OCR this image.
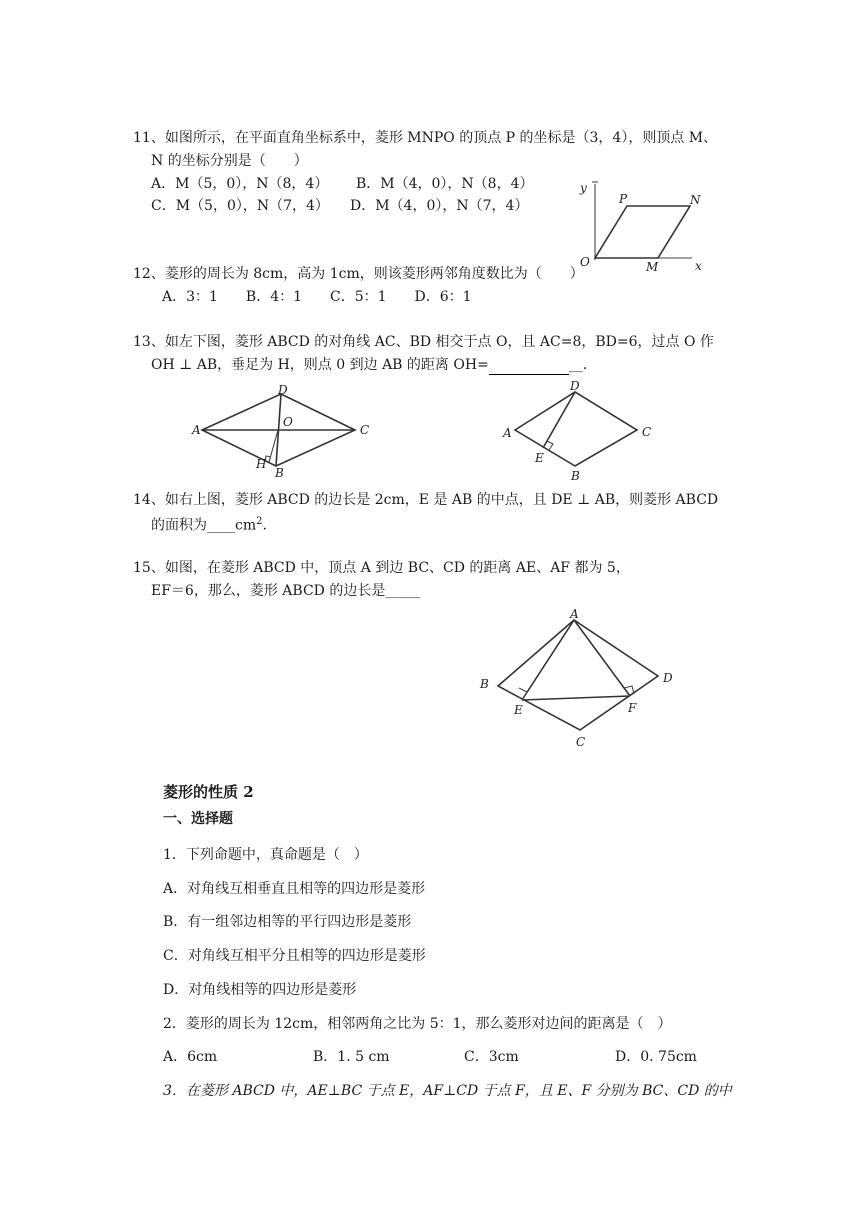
11、如图所示，在平面直角坐标系中，菱形 MNPO 的顶点 P 的坐标是（3，4），则顶点 M、
N 的坐标分别是（　　）
A．M（5，0），N（8，4） B．M（4，0），N（8，4）
C．M（5，0），N（7，4） D．M（4，0），N（7，4）
y
x
O
P	N
M
12、菱形的周长为 8cm，高为 1cm，则该菱形两邻角度数比为（　　）
A．3：1　　B．4：1　　C．5：1　　D．6：1
13、如左下图，菱形 ABCD 的对角线 AC、BD 相交于点 O，且 AC=8，BD=6，过点 O 作
OH ⊥ AB，垂足为 H，则点 0 到边 AB 的距离 OH=	__.
A
D
C
O
H
B
A
D
C
E
B
14、如右上图，菱形 ABCD 的边长是 2cm，E 是 AB 的中点，且 DE ⊥ AB，则菱形 ABCD
的面积为$\_\_\_\_cm^2$.
15、如图，在菱形 ABCD 中，顶点 A 到边 BC、CD 的距离 AE、AF 都为 5，
EF＝6，那么，菱形 ABCD 的边长是_____
A
B	D
E	F
C
菱形的性质 2
一、选择题
1．下列命题中，真命题是（　）
A．对角线互相垂直且相等的四边形是菱形
B．有一组邻边相等的平行四边形是菱形
C．对角线互相平分且相等的四边形是菱形
D．对角线相等的四边形是菱形
2．菱形的周长为 12cm，相邻两角之比为 5：1，那么菱形对边间的距离是（　）
A．6cm	B．1. 5 cm	C．3cm	D．0. 75cm
3．在菱形 ABCD 中，AE⊥BC 于点 E，AF⊥CD 于点 F，且 E、F 分别为 BC、CD 的中
